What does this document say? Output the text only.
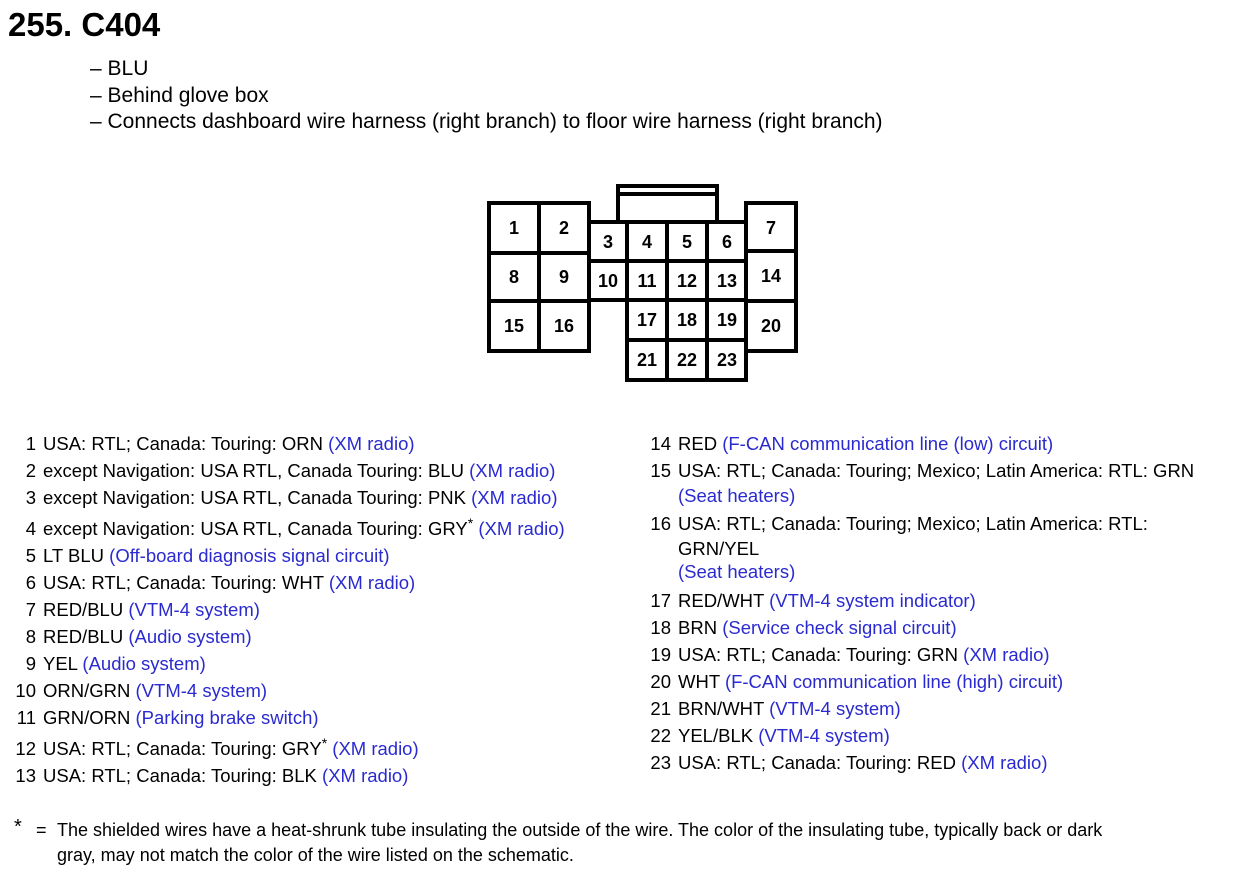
255. C404
– BLU
– Behind glove box
– Connects dashboard wire harness (right branch) to floor wire harness (right branch)
1 2
3 4 5 6
7
8 9 10 11 12 13 14
15 16	17 18 19 20
21 22 23
1 USA: RTL; Canada: Touring: ORN (XM radio)
2 except Navigation: USA RTL, Canada Touring: BLU (XM radio)
3 except Navigation: USA RTL, Canada Touring: PNK (XM radio)
4 except Navigation: USA RTL, Canada Touring: GRY* (XM radio)
5 LT BLU (Off-board diagnosis signal circuit)
6 USA: RTL; Canada: Touring: WHT (XM radio)
7 RED/BLU (VTM-4 system)
8 RED/BLU (Audio system)
9 YEL (Audio system)
10 ORN/GRN (VTM-4 system)
11 GRN/ORN (Parking brake switch)
12 USA: RTL; Canada: Touring: GRY* (XM radio)
13 USA: RTL; Canada: Touring: BLK (XM radio)
14 RED (F-CAN communication line (low) circuit)
15 USA: RTL; Canada: Touring; Mexico; Latin America: RTL: GRN
(Seat heaters)
16 USA: RTL; Canada: Touring; Mexico; Latin America: RTL:
GRN/YEL
(Seat heaters)
17 RED/WHT (VTM-4 system indicator)
18 BRN (Service check signal circuit)
19 USA: RTL; Canada: Touring: GRN (XM radio)
20 WHT (F-CAN communication line (high) circuit)
21 BRN/WHT (VTM-4 system)
22 YEL/BLK (VTM-4 system)
23 USA: RTL; Canada: Touring: RED (XM radio)
* = The shielded wires have a heat-shrunk tube insulating the outside of the wire. The color of the insulating tube, typically back or dark
gray, may not match the color of the wire listed on the schematic.
